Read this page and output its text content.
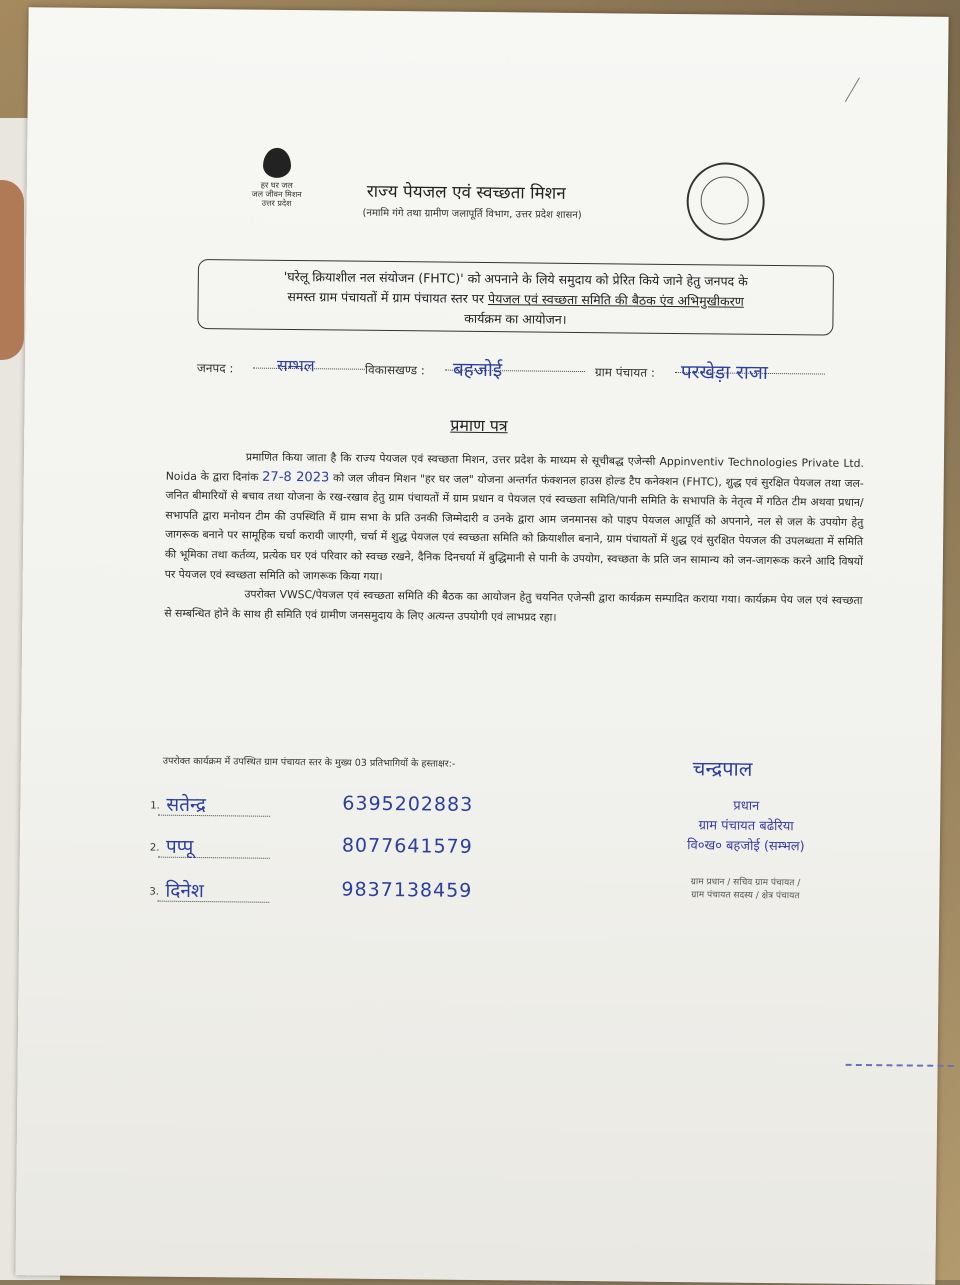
हर घर जल
जल जीवन मिशन
उत्तर प्रदेश	राज्य पेयजल एवं स्वच्छता मिशन
(नमामि गंगे तथा ग्रामीण जलापूर्ति विभाग, उत्तर प्रदेश शासन)
'घरेलू क्रियाशील नल संयोजन (FHTC)' को अपनाने के लिये समुदाय को प्रेरित किये जाने हेतु जनपद के
समस्त ग्राम पंचायतों में ग्राम पंचायत स्तर पर पेयजल एवं स्वच्छता समिति की बैठक एंव अभिमुखीकरण
कार्यक्रम का आयोजन।
जनपद :	सम्भल	विकासखण्ड : बहजोई	ग्राम पंचायत : परखेड़ा राजा
प्रमाण पत्र

प्रमाणित किया जाता है कि राज्य पेयजल एवं स्वच्छता मिशन, उत्तर प्रदेश के माध्यम से सूचीबद्ध एजेन्सी Appinventiv Technologies Private Ltd. Noida के द्वारा दिनांक 27-8 2023 को जल जीवन मिशन "हर घर जल" योजना अन्तर्गत फंक्शनल हाउस होल्ड टैप कनेक्शन (FHTC), शुद्ध एवं सुरक्षित पेयजल तथा जल-जनित बीमारियों से बचाव तथा योजना के रख-रखाव हेतु ग्राम पंचायतों में ग्राम प्रधान व पेयजल एवं स्वच्छता समिति/पानी समिति के सभापति के नेतृत्व में गठित टीम अथवा प्रधान/सभापति द्वारा मनोयन टीम की उपस्थिति में ग्राम सभा के प्रति उनकी जिम्मेदारी व उनके द्वारा आम जनमानस को पाइप पेयजल आपूर्ति को अपनाने, नल से जल के उपयोग हेतु जागरूक बनाने पर सामूहिक चर्चा करायी जाएगी, चर्चा में शुद्ध पेयजल एवं स्वच्छता समिति को क्रियाशील बनाने, ग्राम पंचायतों में शुद्ध एवं सुरक्षित पेयजल की उपलब्धता में समिति की भूमिका तथा कर्तव्य, प्रत्येक घर एवं परिवार को स्वच्छ रखने, दैनिक दिनचर्या में बुद्धिमानी से पानी के उपयोग, स्वच्छता के प्रति जन सामान्य को जन-जागरूक करने आदि विषयों पर पेयजल एवं स्वच्छता समिति को जागरूक किया गया।

उपरोक्त VWSC/पेयजल एवं स्वच्छता समिति की बैठक का आयोजन हेतु चयनित एजेन्सी द्वारा कार्यक्रम सम्पादित कराया गया। कार्यक्रम पेय जल एवं स्वच्छता से सम्बन्धित होने के साथ ही समिति एवं ग्रामीण जनसमुदाय के लिए अत्यन्त उपयोगी एवं लाभप्रद रहा।

उपरोक्त कार्यक्रम में उपस्थित ग्राम पंचायत स्तर के मुख्य 03 प्रतिभागियों के हस्ताक्षर:-
1. सतेन्द्र	6395202883
2. पप्पू	8077641579
3. दिनेश	9837138459
चन्द्रपाल
प्रधान
ग्राम पंचायत बढेरिया
वि०ख० बहजोई (सम्भल)
ग्राम प्रधान / सचिव ग्राम पंचायत /
ग्राम पंचायत सदस्य / क्षेत्र पंचायत
